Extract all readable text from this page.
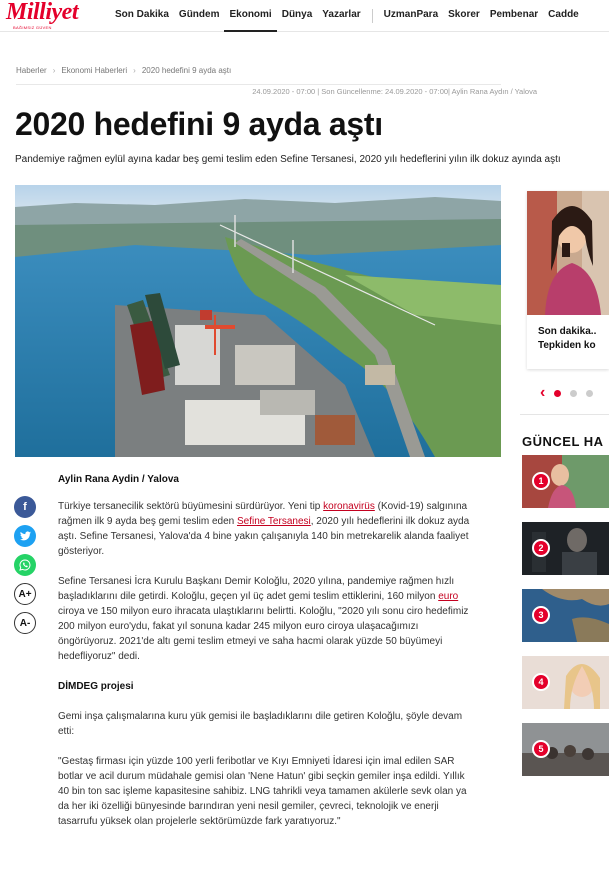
Milliyet
BAĞIMSIZ GÜVEN
Son Dakika	Gündem	Ekonomi	Dünya	Yazarlar	UzmanPara	Skorer	Pembenar	Cadde
Haberler › Ekonomi Haberleri › 2020 hedefini 9 ayda aştı
24.09.2020 - 07:00 | Son Güncellenme: 24.09.2020 - 07:00| Aylin Rana Aydın / Yalova
2020 hedefini 9 ayda aştı
Pandemiye rağmen eylül ayına kadar beş gemi teslim eden Sefine Tersanesi, 2020 yılı hedeflerini yılın ilk dokuz ayında aştı
f
A+
A-
Aylin Rana Aydin / Yalova

Türkiye tersanecilik sektörü büyümesini sürdürüyor. Yeni tip koronavirüs (Kovid-19) salgınına rağmen ilk 9 ayda beş gemi teslim eden Sefine Tersanesi, 2020 yılı hedeflerini ilk dokuz ayda aştı. Sefine Tersanesi, Yalova'da 4 bine yakın çalışanıyla 140 bin metrekarelik alanda faaliyet gösteriyor.

Sefine Tersanesi İcra Kurulu Başkanı Demir Koloğlu, 2020 yılına, pandemiye rağmen hızlı başladıklarını dile getirdi. Koloğlu, geçen yıl üç adet gemi teslim ettiklerini, 160 milyon euro ciroya ve 150 milyon euro ihracata ulaştıklarını belirtti. Koloğlu, "2020 yılı sonu ciro hedefimiz 200 milyon euro'ydu, fakat yıl sonuna kadar 245 milyon euro ciroya ulaşacağımızı öngörüyoruz. 2021'de altı gemi teslim etmeyi ve saha hacmi olarak yüzde 50 büyümeyi hedefliyoruz" dedi.

DİMDEG projesi

Gemi inşa çalışmalarına kuru yük gemisi ile başladıklarını dile getiren Koloğlu, şöyle devam etti:

"Gestaş firması için yüzde 100 yerli feribotlar ve Kıyı Emniyeti İdaresi için imal edilen SAR botlar ve acil durum müdahale gemisi olan 'Nene Hatun' gibi seçkin gemiler inşa edildi. Yıllık 40 bin ton sac işleme kapasitesine sahibiz. LNG tahrikli veya tamamen akülerle sevk olan ya da her iki özelliği bünyesinde barındıran yeni nesil gemiler, çevreci, teknolojik ve enerji tasarrufu yüksek olan projelerle sektörümüzde fark yaratıyoruz."

Son dakika..
Tepkiden ko
‹
GÜNCEL HA
1
2
3
4
5
